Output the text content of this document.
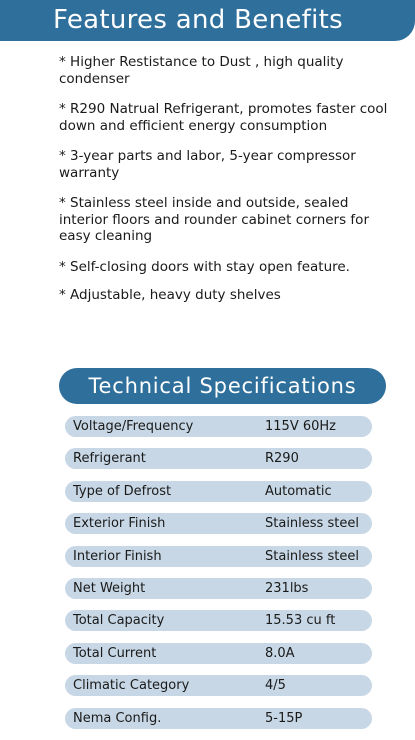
Features and Benefits
* Higher Restistance to Dust , high quality condenser
* R290 Natrual Refrigerant, promotes faster cool down and efficient energy consumption
* 3-year parts and labor, 5-year compressor warranty
* Stainless steel inside and outside, sealed interior floors and rounder cabinet corners for easy cleaning
* Self-closing doors with stay open feature.
* Adjustable, heavy duty shelves
Technical Specifications
Voltage/Frequency	115V 60Hz
Refrigerant	R290
Type of Defrost	Automatic
Exterior Finish	Stainless steel
Interior Finish	Stainless steel
Net Weight	231lbs
Total Capacity	15.53 cu ft
Total Current	8.0A
Climatic Category	4/5
Nema Config.	5-15P
